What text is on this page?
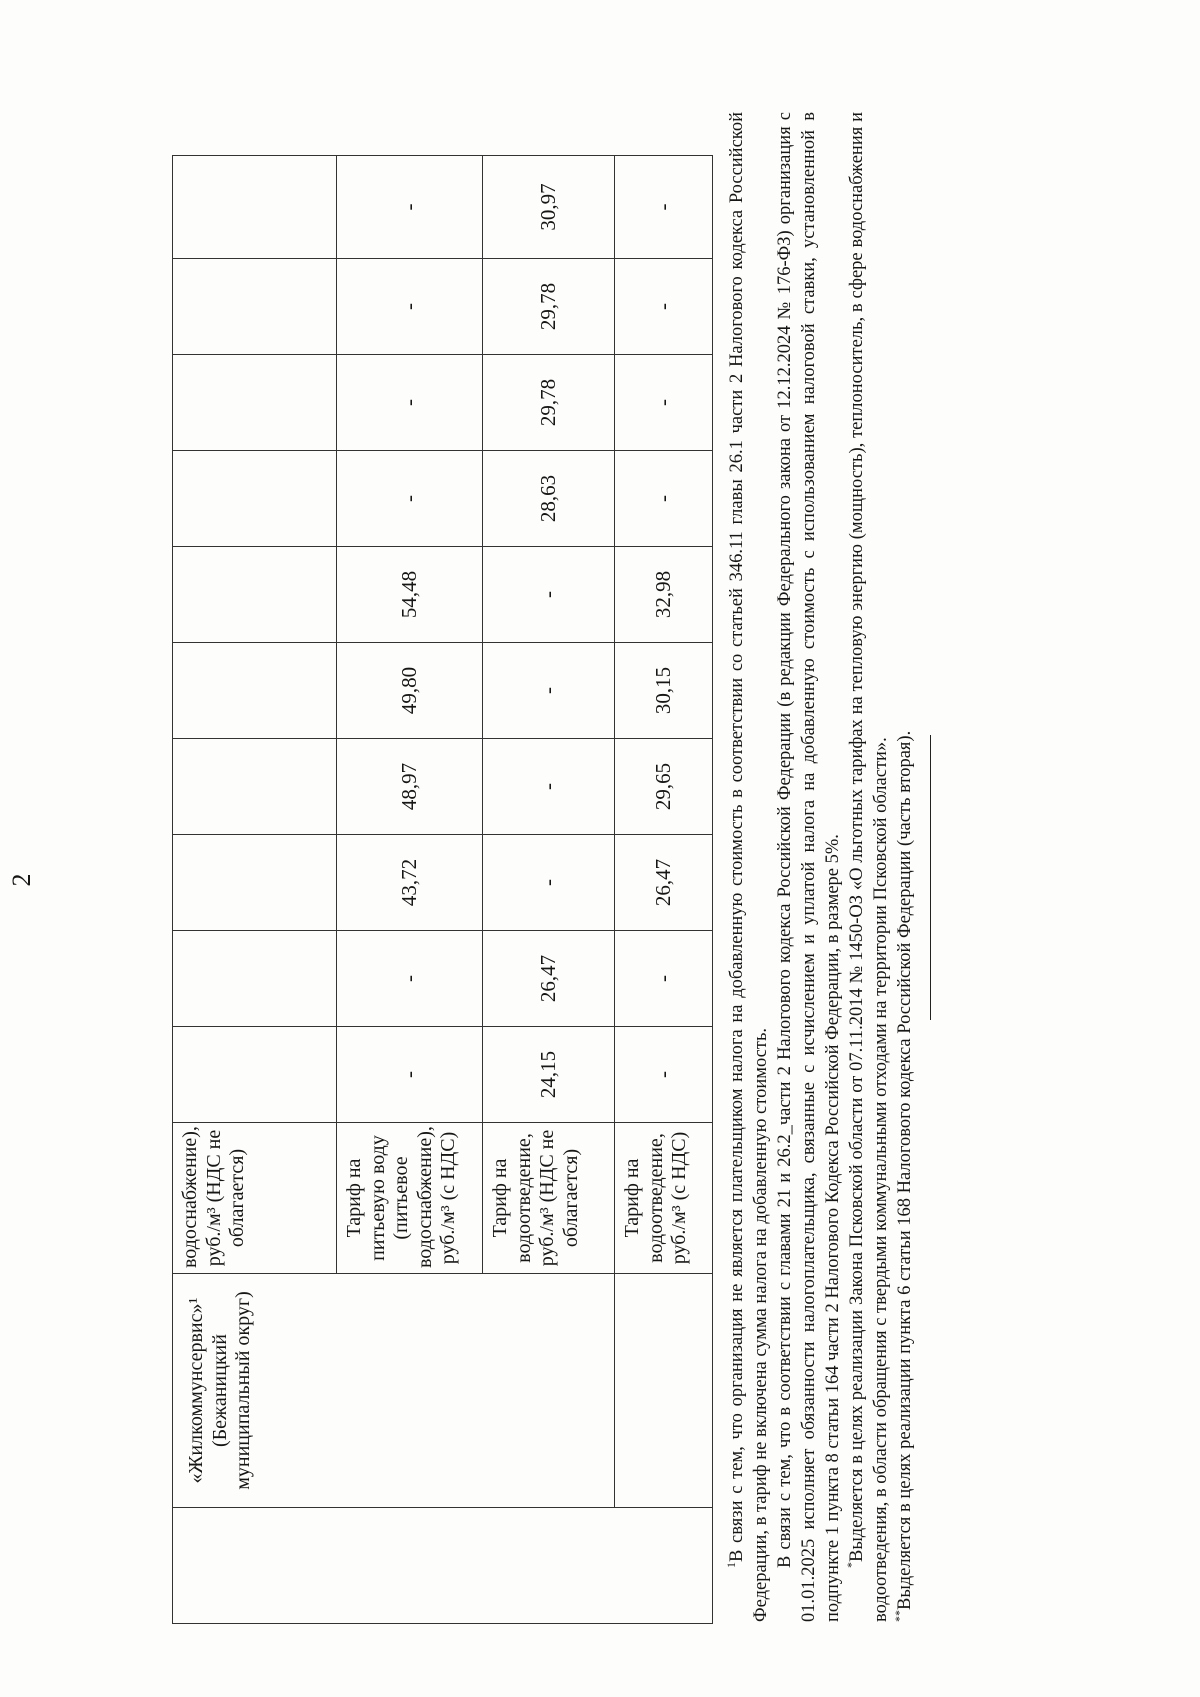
2
	«Жилкоммунсервис»¹ (Бежаницкий муниципальный округ)	водоснабжение), руб./м³ (НДС не облагается)										
		Тариф на питьевую воду (питьевое водоснабжение), руб./м³ (с НДС)	-	-	43,72	48,97	49,80	54,48	-	-	-	-
		Тариф на водоотведение, руб./м³ (НДС не облагается)	24,15	26,47	-	-	-	-	28,63	29,78	29,78	30,97
		Тариф на водоотведение, руб./м³ (с НДС)	-	-	26,47	29,65	30,15	32,98	-	-	-	-

$^1$В связи с тем, что организация не является плательщиком налога на добавленную стоимость в соответствии со статьей 346.11 главы 26.1 части 2 Налогового кодекса Российской Федерации, в тариф не включена сумма налога на добавленную стоимость. В связи с тем, что в соответствии с главами 21 и 26.2_части 2 Налогового кодекса Российской Федерации (в редакции Федерального закона от 12.12.2024 № 176-ФЗ) организация с 01.01.2025 исполняет обязанности налогоплательщика, связанные с исчислением и уплатой налога на добавленную стоимость с использованием налоговой ставки, установленной в подпункте 1 пункта 8 статьи 164 части 2 Налогового Кодекса Российской Федерации, в размере 5%. *Выделяется в целях реализации Закона Псковской области от 07.11.2014 № 1450-ОЗ «О льготных тарифах на тепловую энергию (мощность), теплоноситель, в сфере водоснабжения и водоотведения, в области обращения с твердыми коммунальными отходами на территории Псковской области». **Выделяется в целях реализации пункта 6 статьи 168 Налогового кодекса Российской Федерации (часть вторая).
